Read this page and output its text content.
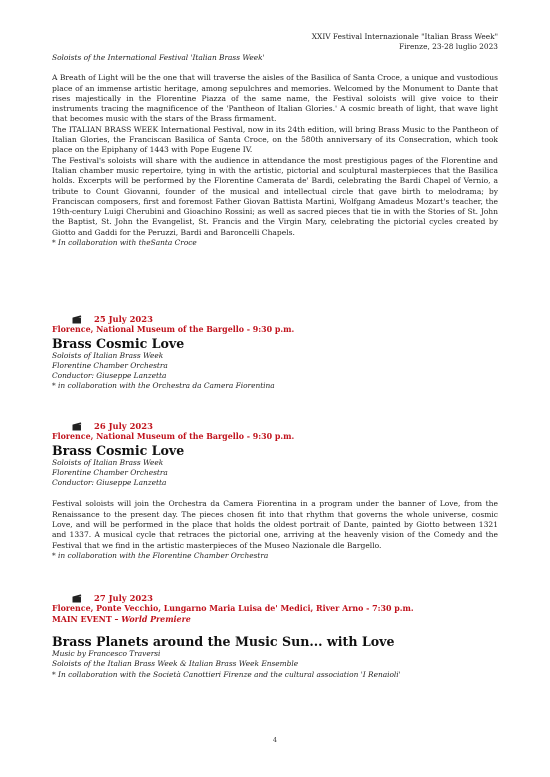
XXIV Festival Internazionale "Italian Brass Week"
Firenze, 23-28 luglio 2023

Soloists of the International Festival 'Italian Brass Week'

A Breath of Light will be the one that will traverse the aisles of the Basilica of Santa Croce, a unique and vustodious place of an immense artistic heritage, among sepulchres and memories. Welcomed by the Monument to Dante that rises majestically in the Florentine Piazza of the same name, the Festival soloists will give voice to their instruments tracing the magnificence of the 'Pantheon of Italian Glories.' A cosmic breath of light, that wave light that becomes music with the stars of the Brass firmament.

The ITALIAN BRASS WEEK International Festival, now in its 24th edition, will bring Brass Music to the Pantheon of Italian Glories, the Franciscan Basilica of Santa Croce, on the 580th anniversary of its Consecration, which took place on the Epiphany of 1443 with Pope Eugene IV.

The Festival's soloists will share with the audience in attendance the most prestigious pages of the Florentine and Italian chamber music repertoire, tying in with the artistic, pictorial and sculptural masterpieces that the Basilica holds. Excerpts will be performed by the Florentine Camerata de' Bardi, celebrating the Bardi Chapel of Vernio, a tribute to Count Giovanni, founder of the musical and intellectual circle that gave birth to melodrama; by Franciscan composers, first and foremost Father Giovan Battista Martini, Wolfgang Amadeus Mozart's teacher, the 19th-century Luigi Cherubini and Gioachino Rossini; as well as sacred pieces that tie in with the Stories of St. John the Baptist, St. John the Evangelist, St. Francis and the Virgin Mary, celebrating the pictorial cycles created by Giotto and Gaddi for the Peruzzi, Bardi and Baroncelli Chapels.

* In collaboration with theSanta Croce

25 July 2023
Florence, National Museum of the Bargello - 9:30 p.m.
Brass Cosmic Love
Soloists of Italian Brass Week
Florentine Chamber Orchestra
Conductor: Giuseppe Lanzetta
* in collaboration with the Orchestra da Camera Fiorentina
26 July 2023
Florence, National Museum of the Bargello - 9:30 p.m.
Brass Cosmic Love
Soloists of Italian Brass Week
Florentine Chamber Orchestra
Conductor: Giuseppe Lanzetta

Festival soloists will join the Orchestra da Camera Fiorentina in a program under the banner of Love, from the Renaissance to the present day. The pieces chosen fit into that rhythm that governs the whole universe, cosmic Love, and will be performed in the place that holds the oldest portrait of Dante, painted by Giotto between 1321 and 1337. A musical cycle that retraces the pictorial one, arriving at the heavenly vision of the Comedy and the Festival that we find in the artistic masterpieces of the Museo Nazionale dle Bargello.

* in collaboration with the Florentine Chamber Orchestra
27 July 2023
Florence, Ponte Vecchio, Lungarno Maria Luisa de' Medici, River Arno - 7:30 p.m.
MAIN EVENT – World Premiere
Brass Planets around the Music Sun... with Love
Music by Francesco Traversi
Soloists of the Italian Brass Week & Italian Brass Week Ensemble
* In collaboration with the Società Canottieri Firenze and the cultural association 'I Renaioli'
4
